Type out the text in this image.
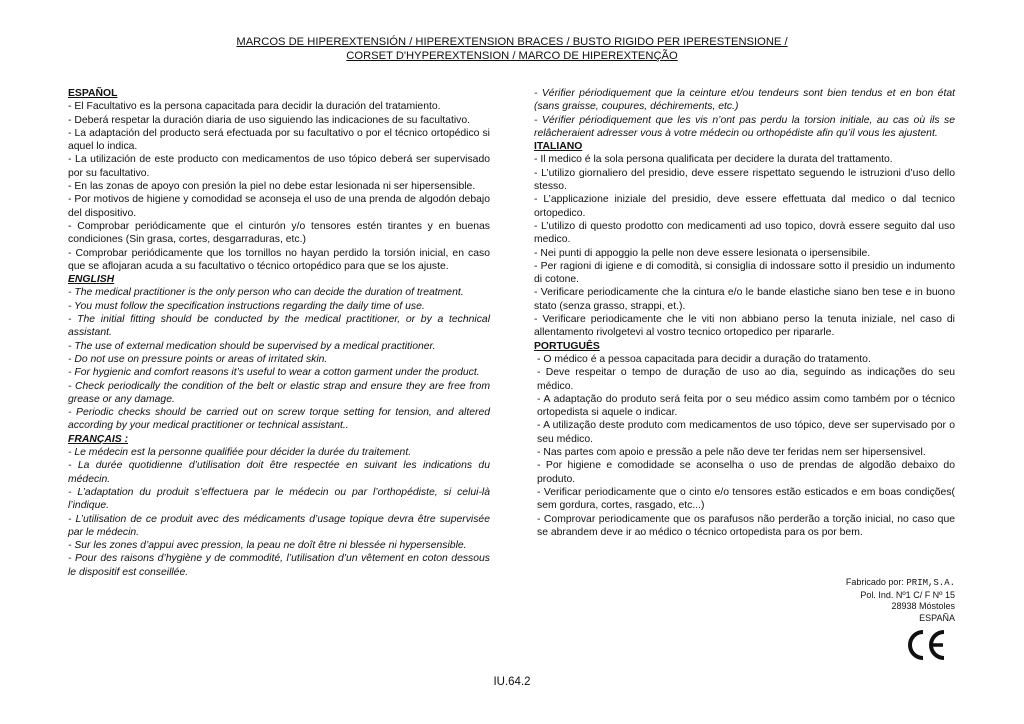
MARCOS DE HIPEREXTENSIÓN / HIPEREXTENSION BRACES / BUSTO RIGIDO PER IPERESTENSIONE /
CORSET D'HYPEREXTENSION / MARCO DE HIPEREXTENÇÃO

ESPAÑOL

- El Facultativo es la persona capacitada para decidir la duración del tratamiento.

- Deberá respetar la duración diaria de uso siguiendo las indicaciones de su facultativo.

- La adaptación del producto será efectuada por su facultativo o por el técnico ortopédico si aquel lo indica.

- La utilización de este producto con medicamentos de uso tópico deberá ser supervisado por su facultativo.

- En las zonas de apoyo con presión la piel no debe estar lesionada ni ser hipersensible.

- Por motivos de higiene y comodidad se aconseja el uso de una prenda de algodón debajo del dispositivo.

- Comprobar periódicamente que el cinturón y/o tensores estén tirantes y en buenas condiciones (Sin grasa, cortes, desgarraduras, etc.)

- Comprobar periódicamente que los tornillos no hayan perdido la torsión inicial, en caso que se aflojaran acuda a su facultativo o técnico ortopédico para que se los ajuste.

ENGLISH

- The medical practitioner is the only person who can decide the duration of treatment.

- You must follow the specification instructions regarding the daily time of use.

- The initial fitting should be conducted by the medical practitioner, or by a technical assistant.

- The use of external medication should be supervised by a medical practitioner.

- Do not use on pressure points or areas of irritated skin.

- For hygienic and comfort reasons it’s useful to wear a cotton garment under the product.

- Check periodically the condition of the belt or elastic strap and ensure they are free from grease or any damage.

- Periodic checks should be carried out on screw torque setting for tension, and altered according by your medical practitioner or technical assistant..

FRANÇAIS :

- Le médecin est la personne qualifiée pour décider la durée du traitement.

- La durée quotidienne d’utilisation doit être respectée en suivant les indications du médecin.

- L’adaptation du produit s’effectuera par le médecin ou par l’orthopédiste, si celui-là l’indique.

- L’utilisation de ce produit avec des médicaments d’usage topique devra être supervisée par le médecin.

- Sur les zones d’appui avec pression, la peau ne doît être ni blessée ni hypersensible.

- Pour des raisons d’hygiène y de commodité, l’utilisation d’un vêtement en coton dessous le dispositif est conseillée.

- Vérifier périodiquement que la ceinture et/ou tendeurs sont bien tendus et en bon état (sans graisse, coupures, déchirements, etc.)

- Vérifier périodiquement que les vis n’ont pas perdu la torsion initiale, au cas où ils se relâcheraient adresser vous à votre médecin ou orthopédiste afin qu’il vous les ajustent.

ITALIANO

- Il medico é la sola persona qualificata per decidere la durata del trattamento.

- L’utilizo giornaliero del presidio, deve essere rispettato seguendo le istruzioni d’uso dello stesso.

- L’applicazione iniziale del presidio, deve essere effettuata dal medico o dal tecnico ortopedico.

- L’utilizo di questo prodotto con medicamenti ad uso topico, dovrà essere seguito dal uso medico.

- Nei punti di appoggio la pelle non deve essere lesionata o ipersensibile.

- Per ragioni di igiene e di comodità, si consiglia di indossare sotto il presidio un indumento di cotone.

- Verificare periodicamente che la cintura e/o le bande elastiche siano ben tese e in buono stato (senza grasso, strappi, et.).

- Verificare periodicamente che le viti non abbiano perso la tenuta iniziale, nel caso di allentamento rivolgetevi al vostro tecnico ortopedico per ripararle.

PORTUGUÊS

- O médico é a pessoa capacitada para decidir a duração do tratamento.

- Deve respeitar o tempo de duração de uso ao dia, seguindo as indicações do seu médico.

- A adaptação do produto será feita por o seu médico assim como também por o técnico ortopedista si aquele o indicar.

- A utilização deste produto com medicamentos de uso tópico, deve ser supervisado por o seu médico.

- Nas partes com apoio e pressão a pele não deve ter feridas nem ser hipersensivel.

- Por higiene e comodidade se aconselha o uso de prendas de algodão debaixo do produto.

- Verificar periodicamente que o cinto e/o tensores estão esticados e em boas condições( sem gordura, cortes, rasgado, etc...)

- Comprovar periodicamente que os parafusos não perderão a torção inicial, no caso que se abrandem deve ir ao médico o técnico ortopedista para os por bem.

Fabricado por: PRIM,S.A.

Pol. Ind. Nº1 C/ F Nº 15

28938 Móstoles

ESPAÑA

IU.64.2
